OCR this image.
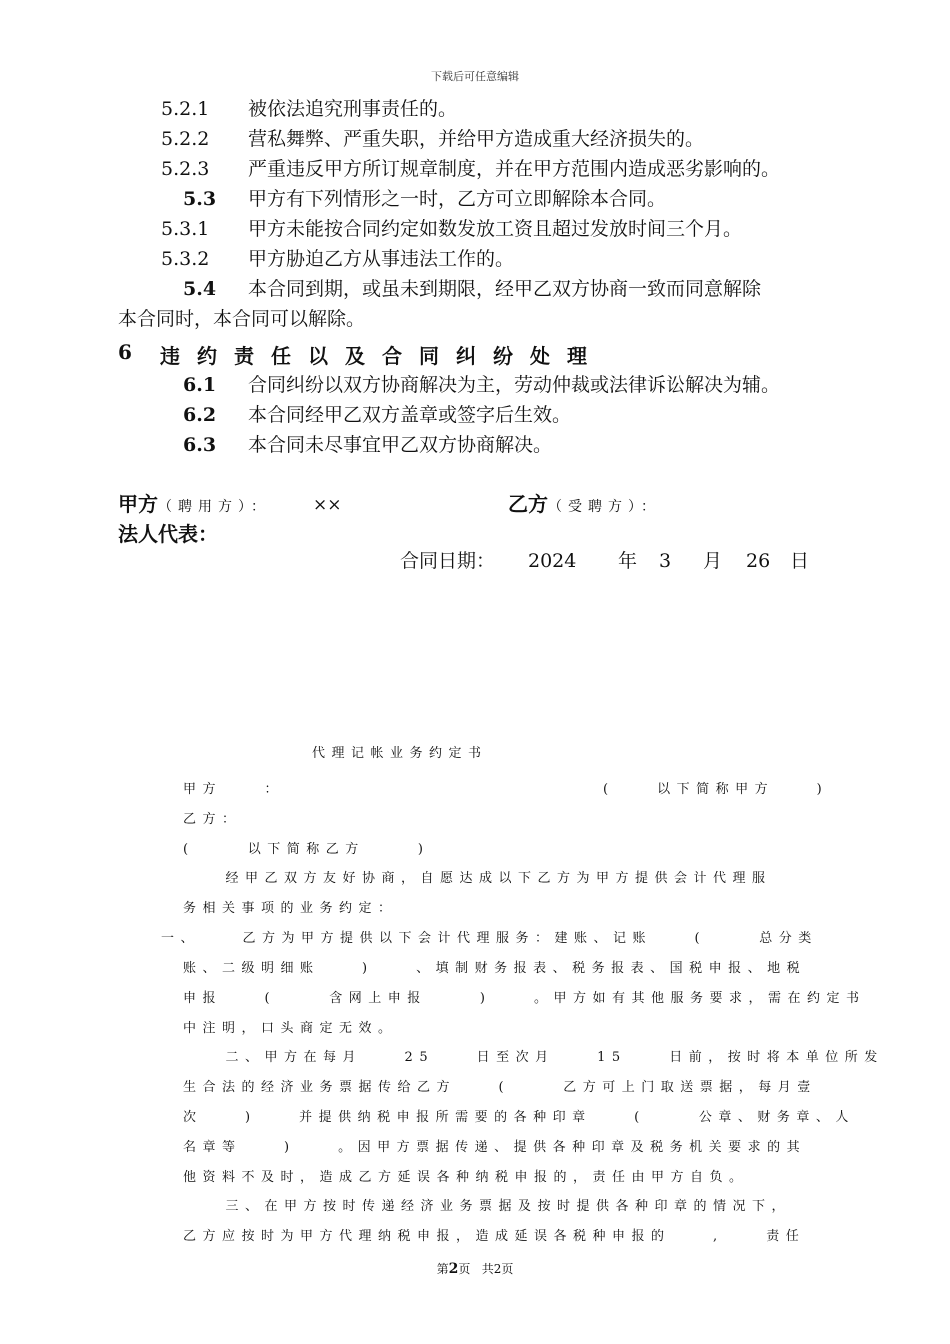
下载后可任意编辑
5.2.1 被依法追究刑事责任的。
5.2.2 营私舞弊、严重失职，并给甲方造成重大经济损失的。
5.2.3 严重违反甲方所订规章制度，并在甲方范围内造成恶劣影响的。
5.3 甲方有下列情形之一时，乙方可立即解除本合同。
5.3.1 甲方未能按合同约定如数发放工资且超过发放时间三个月。
5.3.2 甲方胁迫乙方从事违法工作的。
5.4 本合同到期，或虽未到期限，经甲乙双方协商一致而同意解除
本合同时，本合同可以解除。
6 违约责任以及合同纠纷处理
6.1 合同纠纷以双方协商解决为主，劳动仲裁或法律诉讼解决为辅。
6.2 本合同经甲乙双方盖章或签字后生效。
6.3 本合同未尽事宜甲乙双方协商解决。
甲方（聘用方）： ××	乙方（受聘方）：
法人代表：
合同日期： 2024 年 3 月 26 日
代理记帐业务约定书
甲方    ：                              (    以下简称甲方    )
乙方：
(     以下简称乙方     )
经甲乙双方友好协商，自愿达成以下乙方为甲方提供会计代理服
务相关事项的业务约定：
一、    乙方为甲方提供以下会计代理服务：建账、记账    (     总分类
账、二级明细账    )    、填制财务报表、税务报表、国税申报、地税
申报    (     含网上申报     )    。甲方如有其他服务要求，需在约定书
中注明，口头商定无效。
二、甲方在每月    25    日至次月    15    日前，按时将本单位所发
生合法的经济业务票据传给乙方    (     乙方可上门取送票据，每月壹
次    )    并提供纳税申报所需要的各种印章    (     公章、财务章、人
名章等    )    。因甲方票据传递、提供各种印章及税务机关要求的其
他资料不及时，造成乙方延误各种纳税申报的，责任由甲方自负。
三、在甲方按时传递经济业务票据及按时提供各种印章的情况下，
乙方应按时为甲方代理纳税申报，造成延误各税种申报的    ,    责任
第2页 共2页
